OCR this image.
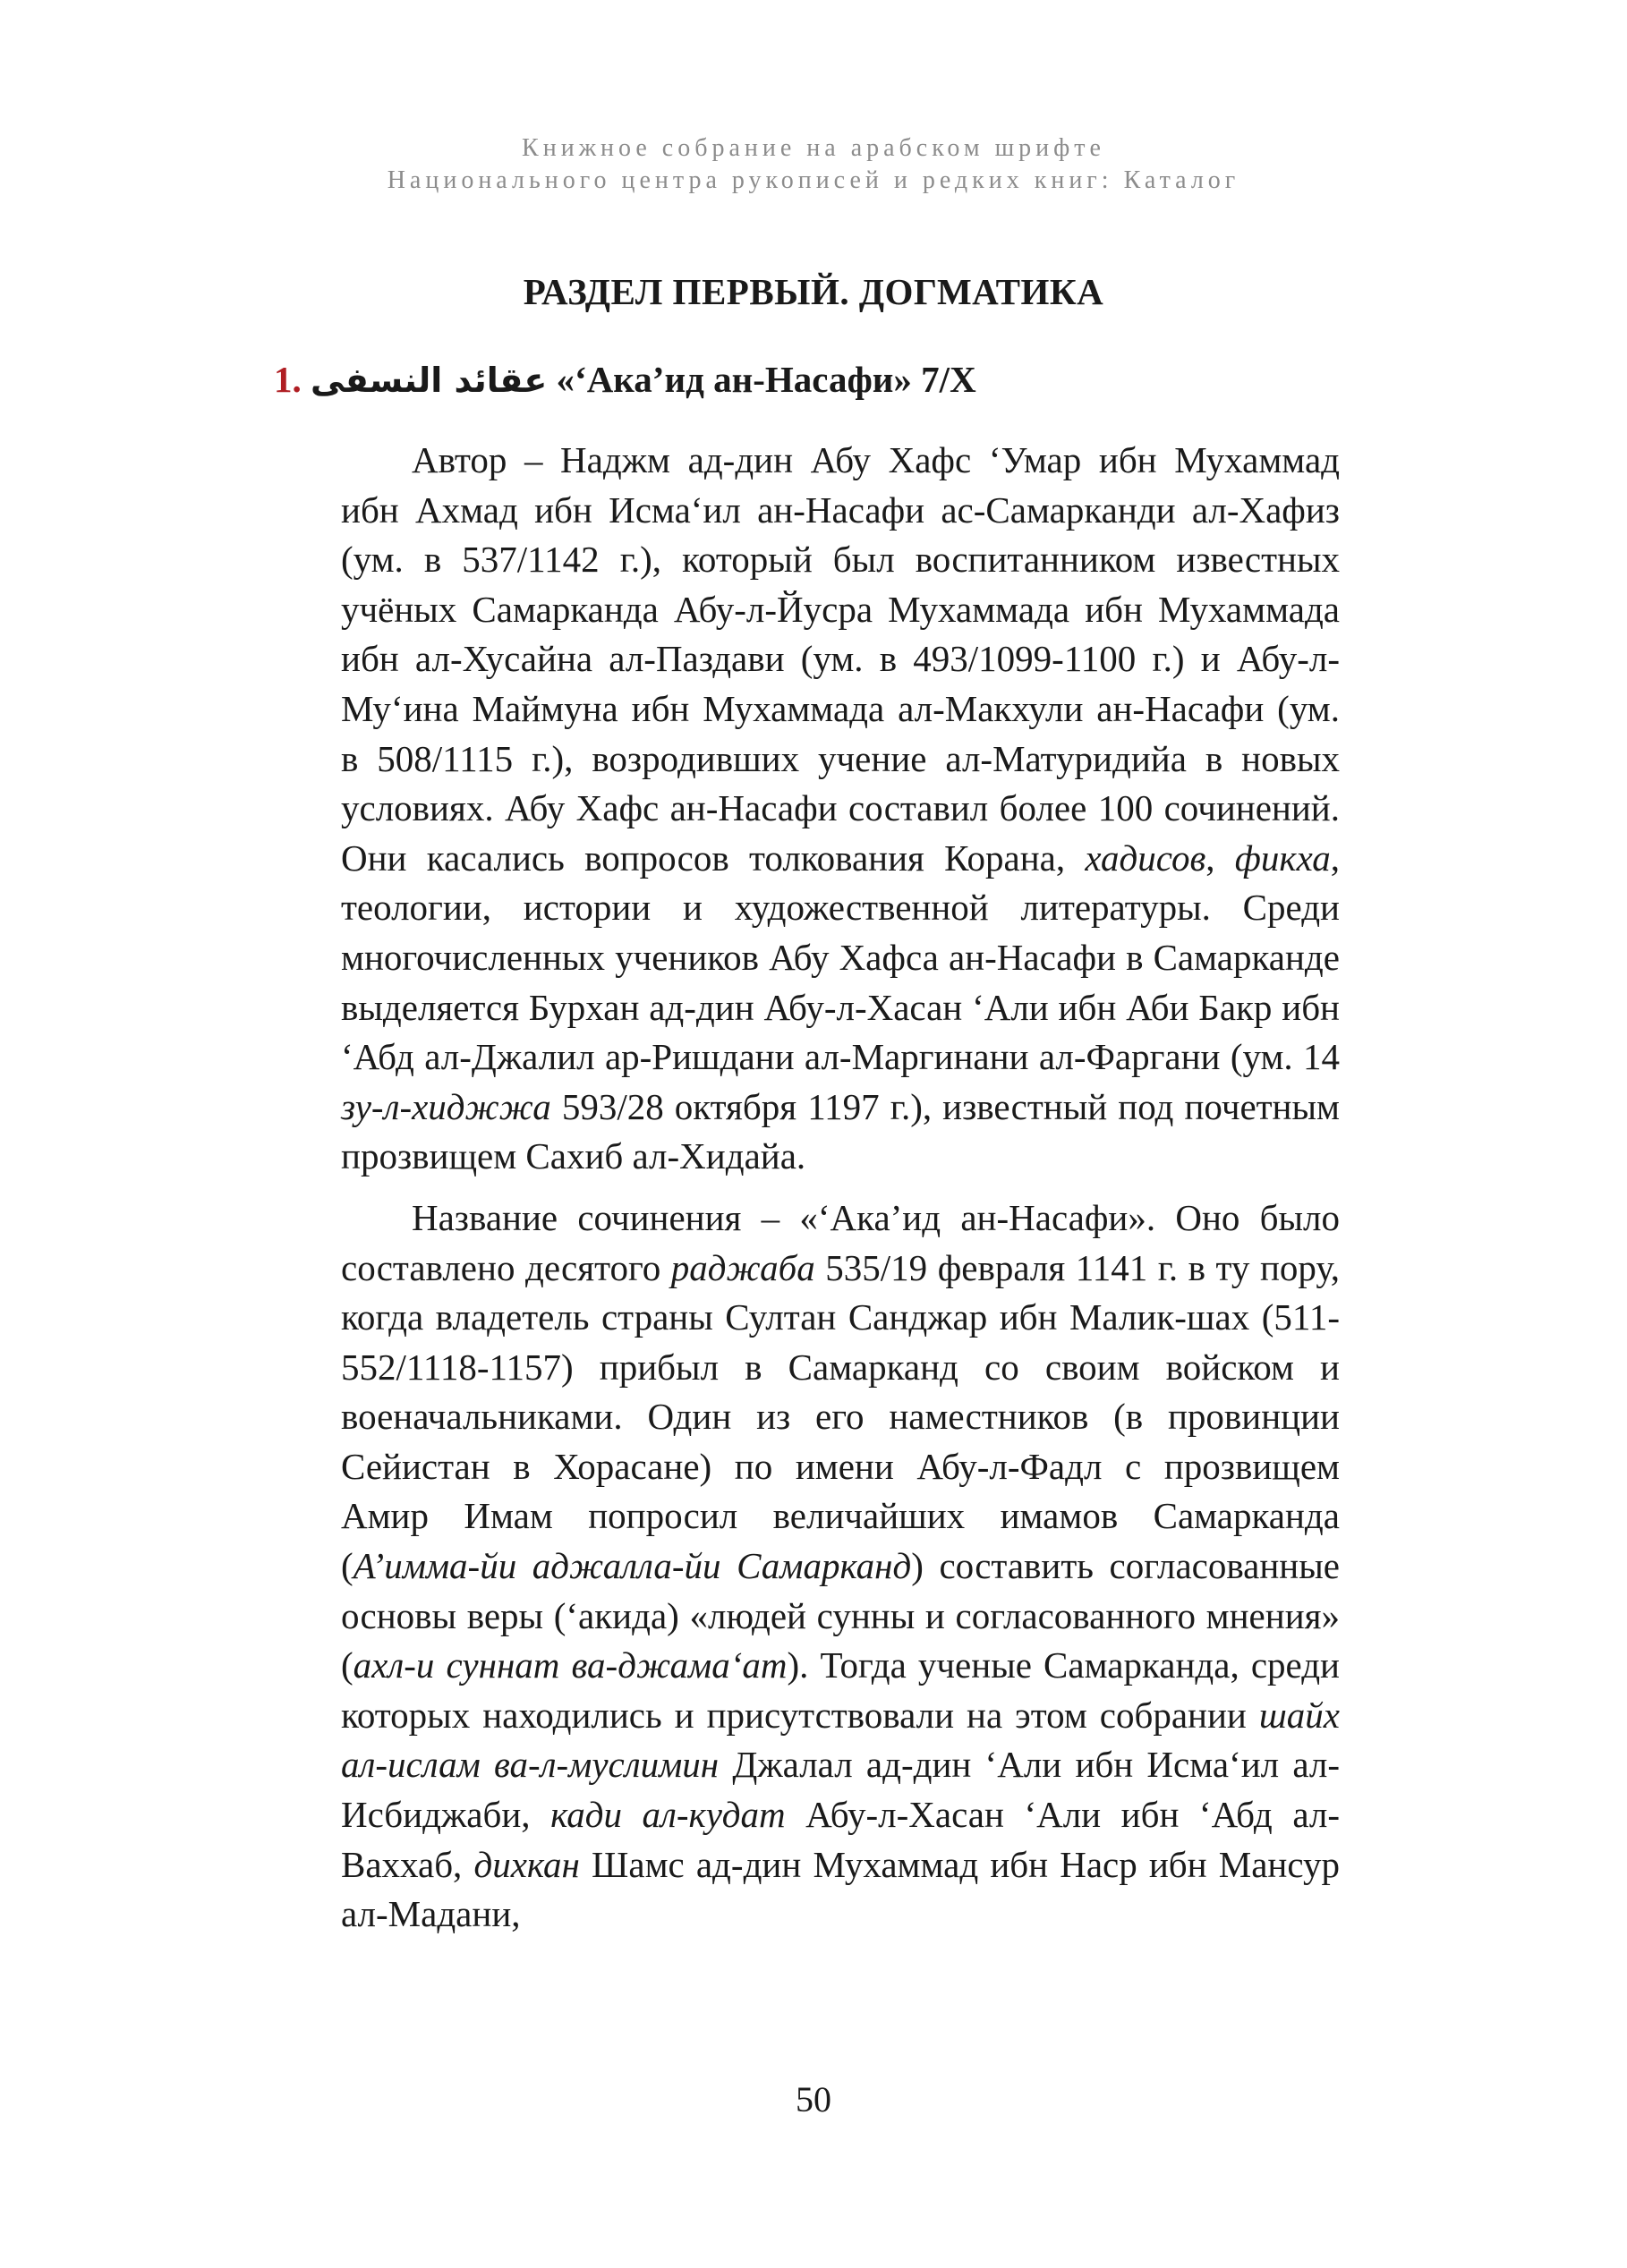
Книжное собрание на арабском шрифте
Национального центра рукописей и редких книг: Каталог
РАЗДЕЛ ПЕРВЫЙ. ДОГМАТИКА
1. عقائد النسفى «‘Ака’ид ан-Насафи» 7/X

Автор – Наджм ад-дин Абу Хафс ‘Умар ибн Мухаммад ибн Ахмад ибн Исма‘ил ан-Насафи ас-Самарканди ал-Хафиз (ум. в 537/1142 г.), который был воспитанником известных учёных Самарканда Абу-л-Йусра Мухаммада ибн Мухаммада ибн ал-Хусайна ал-Паздави (ум. в 493/1099-1100 г.) и Абу-л-Му‘ина Маймуна ибн Мухаммада ал-Макхули ан-Насафи (ум. в 508/1115 г.), возродивших учение ал-Матуридийа в новых условиях. Абу Хафс ан-Насафи составил более 100 сочинений. Они касались вопросов толкования Корана, хадисов, фикха, теологии, истории и художественной литературы. Среди многочисленных учеников Абу Хафса ан-Насафи в Самарканде выделяется Бурхан ад-дин Абу-л-Хасан ‘Али ибн Аби Бакр ибн ‘Абд ал-Джалил ар-Ришдани ал-Маргинани ал-Фаргани (ум. 14 зу-л-хиджжа 593/28 октября 1197 г.), известный под почетным прозвищем Сахиб ал-Хидайа.

Название сочинения – «‘Ака’ид ан-Насафи». Оно было составлено десятого раджаба 535/19 февраля 1141 г. в ту пору, когда владетель страны Султан Санджар ибн Малик-шах (511-552/1118-1157) прибыл в Самарканд со своим войском и военачальниками. Один из его наместников (в провинции Сейистан в Хорасане) по имени Абу-л-Фадл с прозвищем Амир Имам попросил величайших имамов Самарканда (А’имма-йи аджалла-йи Самарканд) составить согласованные основы веры (‘акида) «людей сунны и согласованного мнения» (ахл-и суннат ва-джама‘ат). Тогда ученые Самарканда, среди которых находились и присутствовали на этом собрании шайх ал-ислам ва-л-муслимин Джалал ад-дин ‘Али ибн Исма‘ил ал-Исбиджаби, кади ал-кудат Абу-л-Хасан ‘Али ибн ‘Абд ал-Ваххаб, дихкан Шамс ад-дин Мухаммад ибн Наср ибн Мансур ал-Мадани,

50
